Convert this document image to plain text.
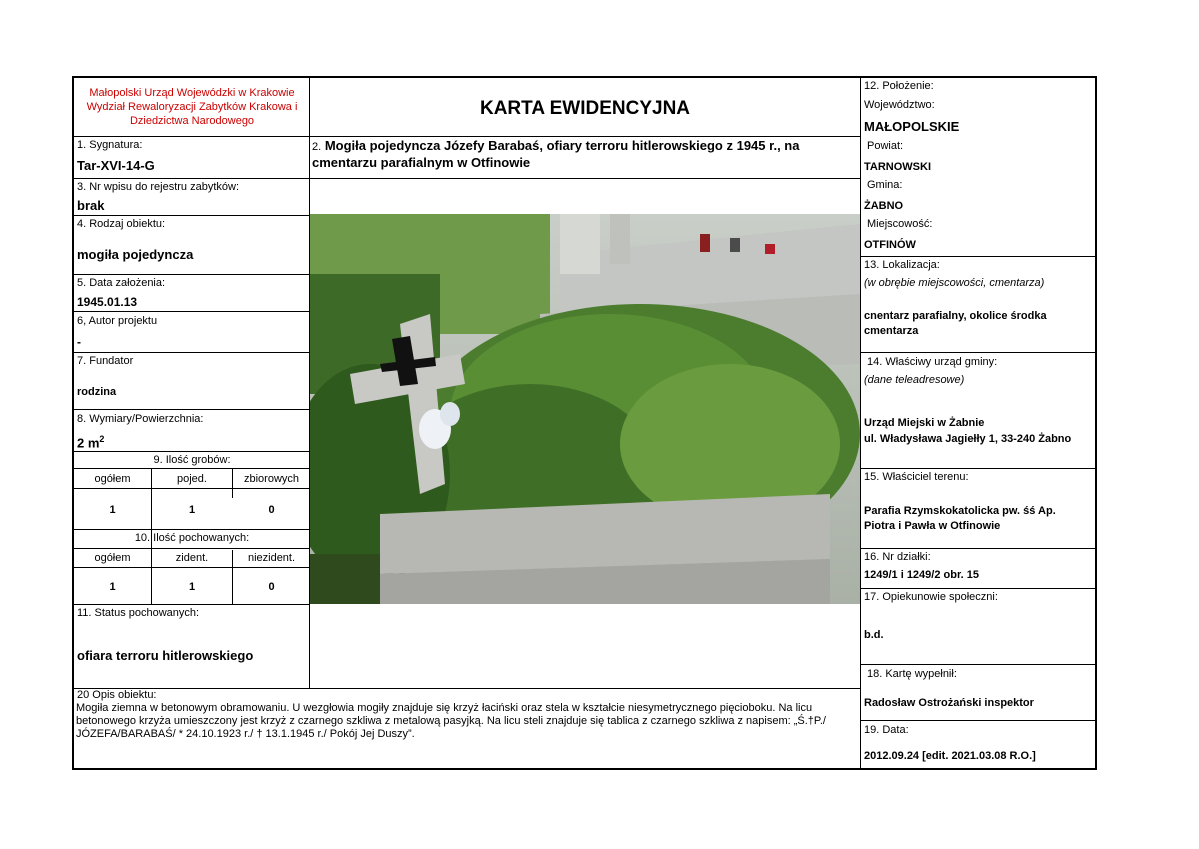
Małopolski Urząd Wojewódzki w Krakowie
Wydział Rewaloryzacji Zabytków Krakowa i
Dziedzictwa Narodowego
KARTA EWIDENCYJNA
2. Mogiła pojedyncza Józefy Barabaś, ofiary terroru hitlerowskiego z 1945 r., na
cmentarzu parafialnym w Otfinowie
1. Sygnatura:
Tar-XVI-14-G
3. Nr wpisu do rejestru zabytków:
brak
4. Rodzaj obiektu:
mogiła pojedyncza
5. Data założenia:
1945.01.13
6, Autor projektu
-
7. Fundator
rodzina
8. Wymiary/Powierzchnia:
2 $m^2$
9. Ilość grobów:
ogółem	pojed.	zbiorowych
1	1	0
10. Ilość pochowanych:
ogółem	zident.	niezident.
1	1	0
11. Status pochowanych:
ofiara terroru hitlerowskiego
12. Położenie:
Województwo:
MAŁOPOLSKIE
Powiat:
TARNOWSKI
Gmina:
ŻABNO
Miejscowość:
OTFINÓW
13. Lokalizacja:
(w obrębie miejscowości, cmentarza)
cnentarz parafialny, okolice środka
cmentarza
14. Właściwy urząd gminy:
(dane teleadresowe)
Urząd Miejski w Żabnie
ul. Władysława Jagiełły 1, 33-240 Żabno
15. Właściciel terenu:
Parafia Rzymskokatolicka pw. śś Ap.
Piotra i Pawła w Otfinowie
16. Nr działki:
1249/1 i 1249/2 obr. 15
17. Opiekunowie społeczni:
b.d.
18. Kartę wypełnił:
Radosław Ostrożański inspektor
19. Data:
2012.09.24 [edit. 2021.03.08 R.O.]
20 Opis obiektu:
Mogiła ziemna w betonowym obramowaniu. U wezgłowia mogiły znajduje się krzyż łaciński oraz stela w kształcie niesymetrycznego pięcioboku. Na licu
betonowego krzyża umieszczony jest krzyż z czarnego szkliwa z metalową pasyjką. Na licu steli znajduje się tablica z czarnego szkliwa z napisem: „Ś.†P./
JÓZEFA/BARABAŚ/ * 24.10.1923 r./ † 13.1.1945 r./ Pokój Jej Duszy”.
